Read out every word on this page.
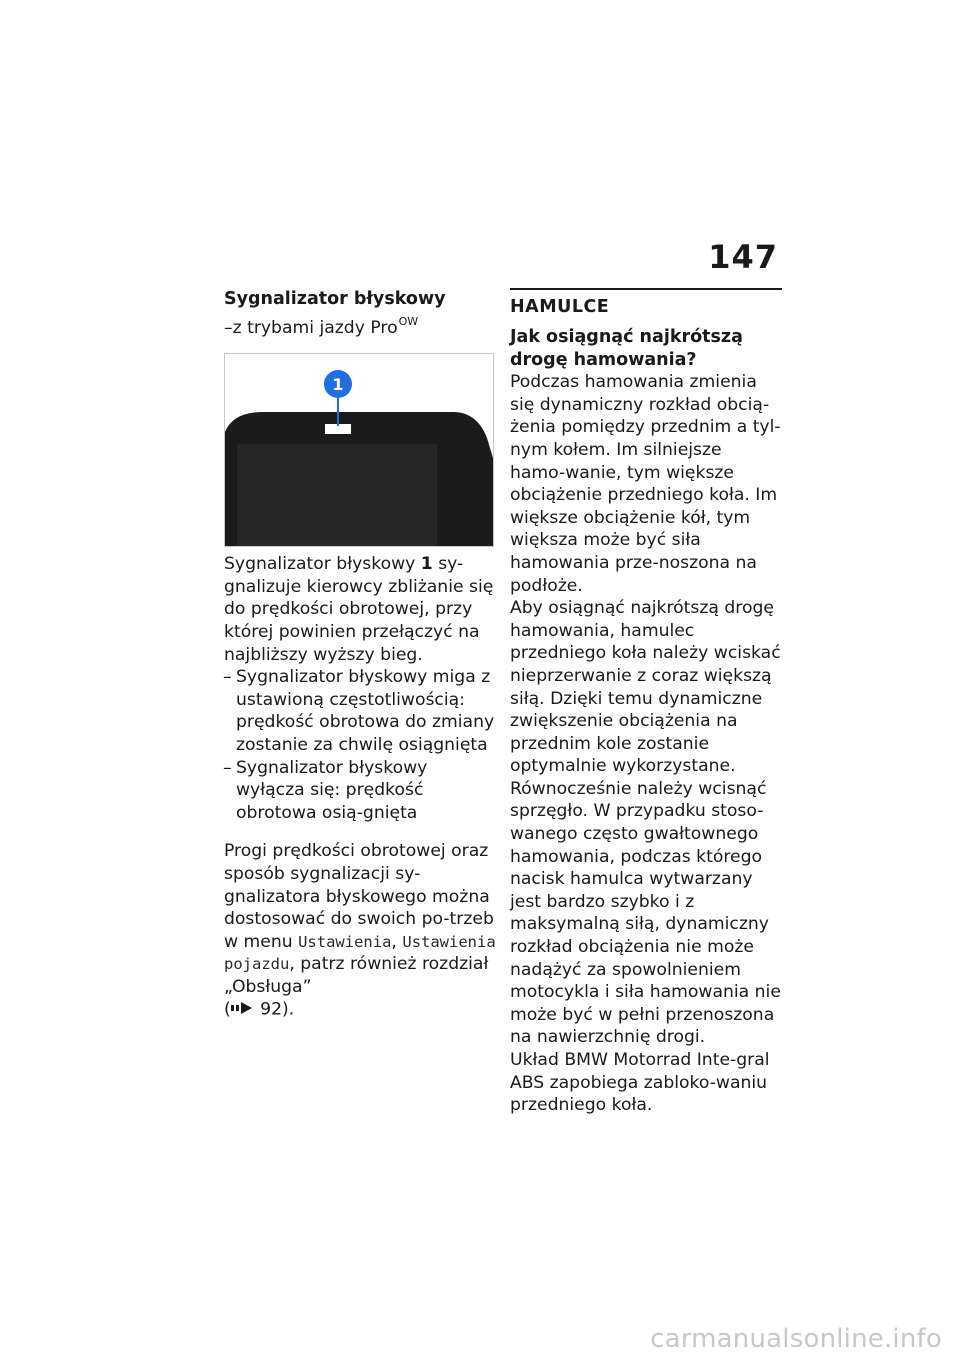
147

Sygnalizator błyskowy

–z trybami jazdy Pro$^{OW}$

1

Sygnalizator błyskowy 1 sy-gnalizuje kierowcy zbliżanie się do prędkości obrotowej, przy której powinien przełączyć na najbliższy wyższy bieg.

– Sygnalizator błyskowy miga z ustawioną częstotliwością: prędkość obrotowa do zmiany zostanie za chwilę osiągnięta
– Sygnalizator błyskowy wyłącza się: prędkość obrotowa osią-gnięta

Progi prędkości obrotowej oraz sposób sygnalizacji sy-gnalizatora błyskowego można dostosować do swoich po-trzeb w menu Ustawienia, Ustawienia pojazdu, patrz również rozdział „Obsługa”
( 92).

HAMULCE

Jak osiągnąć najkrótszą drogę hamowania?

Podczas hamowania zmienia się dynamiczny rozkład obcią-żenia pomiędzy przednim a tyl-nym kołem. Im silniejsze hamo-wanie, tym większe obciążenie przedniego koła. Im większe obciążenie kół, tym większa może być siła hamowania prze-noszona na podłoże.

Aby osiągnąć najkrótszą drogę hamowania, hamulec przedniego koła należy wciskać nieprzerwanie z coraz większą siłą. Dzięki temu dynamiczne zwiększenie obciążenia na przednim kole zostanie optymalnie wykorzystane.

Równocześnie należy wcisnąć sprzęgło. W przypadku stoso-wanego często gwałtownego hamowania, podczas którego nacisk hamulca wytwarzany jest bardzo szybko i z maksymalną siłą, dynamiczny rozkład obciążenia nie może nadążyć za spowolnieniem motocykla i siła hamowania nie może być w pełni przenoszona na nawierzchnię drogi.

Układ BMW Motorrad Inte-gral ABS zapobiega zabloko-waniu przedniego koła.

carmanualsonline.info
